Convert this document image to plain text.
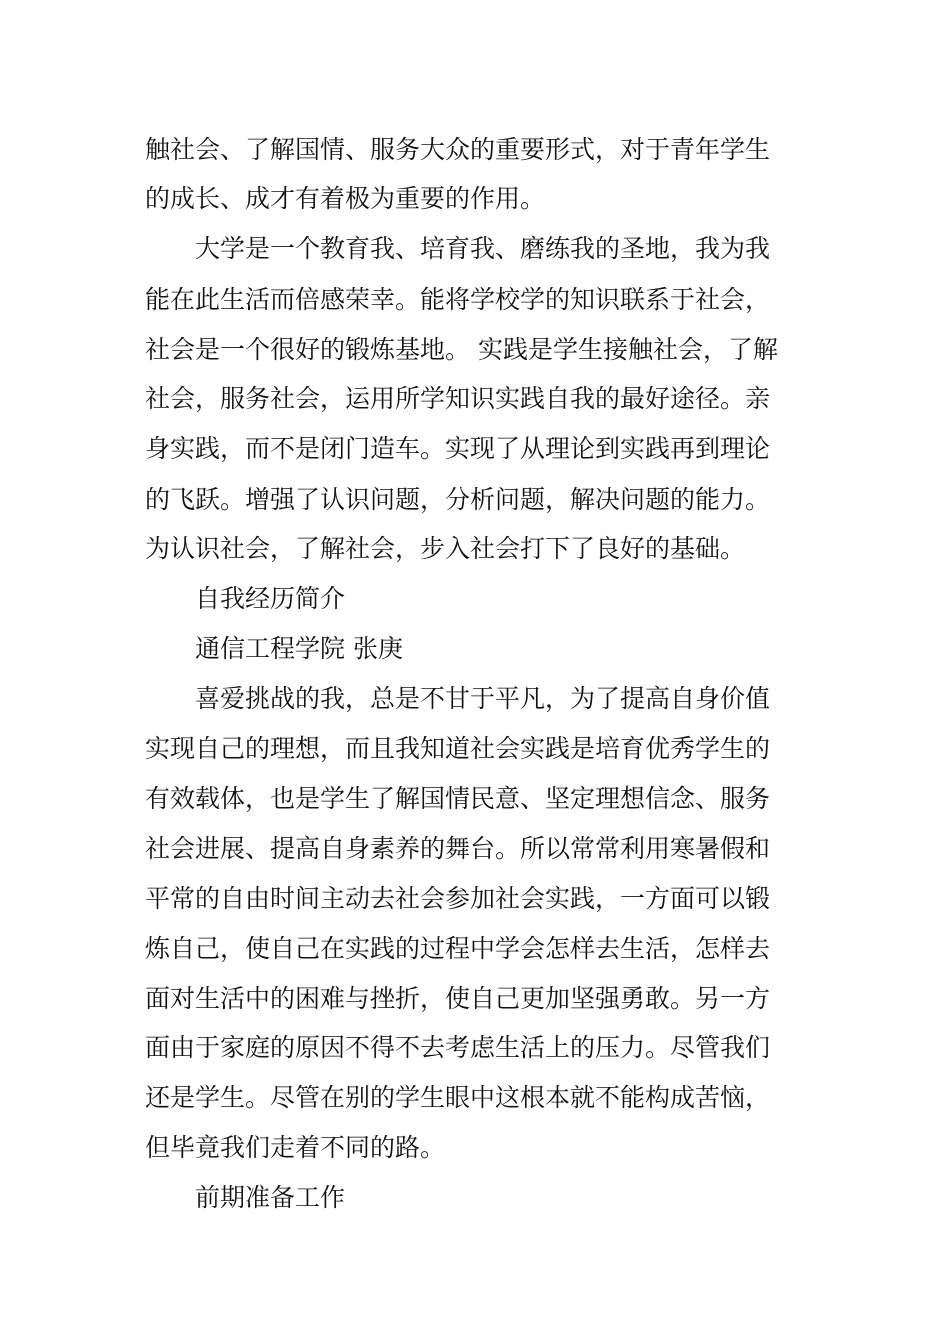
触社会、了解国情、服务大众的重要形式，对于青年学生

的成长、成才有着极为重要的作用。

大学是一个教育我、培育我、磨练我的圣地，我为我

能在此生活而倍感荣幸。能将学校学的知识联系于社会，

社会是一个很好的锻炼基地。 实践是学生接触社会，了解

社会，服务社会，运用所学知识实践自我的最好途径。亲

身实践，而不是闭门造车。实现了从理论到实践再到理论

的飞跃。增强了认识问题，分析问题，解决问题的能力。

为认识社会，了解社会，步入社会打下了良好的基础。

自我经历简介

通信工程学院 张庚

喜爱挑战的我，总是不甘于平凡，为了提高自身价值

实现自己的理想，而且我知道社会实践是培育优秀学生的

有效载体，也是学生了解国情民意、坚定理想信念、服务

社会进展、提高自身素养的舞台。所以常常利用寒暑假和

平常的自由时间主动去社会参加社会实践，一方面可以锻

炼自己，使自己在实践的过程中学会怎样去生活，怎样去

面对生活中的困难与挫折，使自己更加坚强勇敢。另一方

面由于家庭的原因不得不去考虑生活上的压力。尽管我们

还是学生。尽管在别的学生眼中这根本就不能构成苦恼，

但毕竟我们走着不同的路。

前期准备工作
